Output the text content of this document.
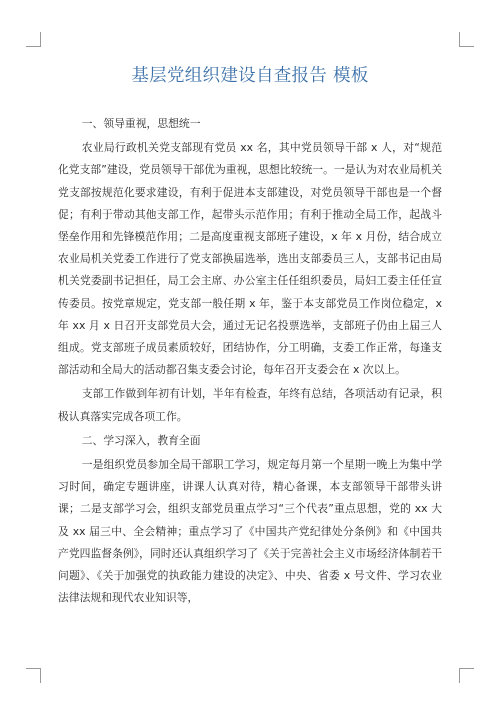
基层党组织建设自查报告 模板
一、领导重视，思想统一

农业局行政机关党支部现有党员 xx 名，其中党员领导干部 x 人，对“规范化党支部”建设，党员领导干部优为重视，思想比较统一。一是认为对农业局机关党支部按规范化要求建设，有利于促进本支部建设，对党员领导干部也是一个督促；有利于带动其他支部工作，起带头示范作用；有利于推动全局工作，起战斗堡垒作用和先锋模范作用；二是高度重视支部班子建设，x 年 x 月份，结合成立农业局机关党委工作进行了党支部换届选举，选出支部委员三人，支部书记由局机关党委副书记担任，局工会主席、办公室主任任组织委员，局妇工委主任任宣传委员。按党章规定，党支部一般任期 x 年，鉴于本支部党员工作岗位稳定，x 年 xx 月 x 日召开支部党员大会，通过无记名投票选举，支部班子仍由上届三人组成。党支部班子成员素质较好，团结协作，分工明确，支委工作正常，每逢支部活动和全局大的活动都召集支委会讨论，每年召开支委会在 x 次以上。

支部工作做到年初有计划，半年有检查，年终有总结，各项活动有记录，积极认真落实完成各项工作。

二、学习深入，教育全面

一是组织党员参加全局干部职工学习，规定每月第一个星期一晚上为集中学习时间，确定专题讲座，讲课人认真对待，精心备课，本支部领导干部带头讲课；二是支部学习会，组织支部党员重点学习“三个代表”重点思想，党的 xx 大及 xx 届三中、全会精神；重点学习了《中国共产党纪律处分条例》和《中国共产党四监督条例》，同时还认真组织学习了《关于完善社会主义市场经济体制若干问题》、《关于加强党的执政能力建设的决定》、中央、省委 x 号文件、学习农业法律法规和现代农业知识等，
